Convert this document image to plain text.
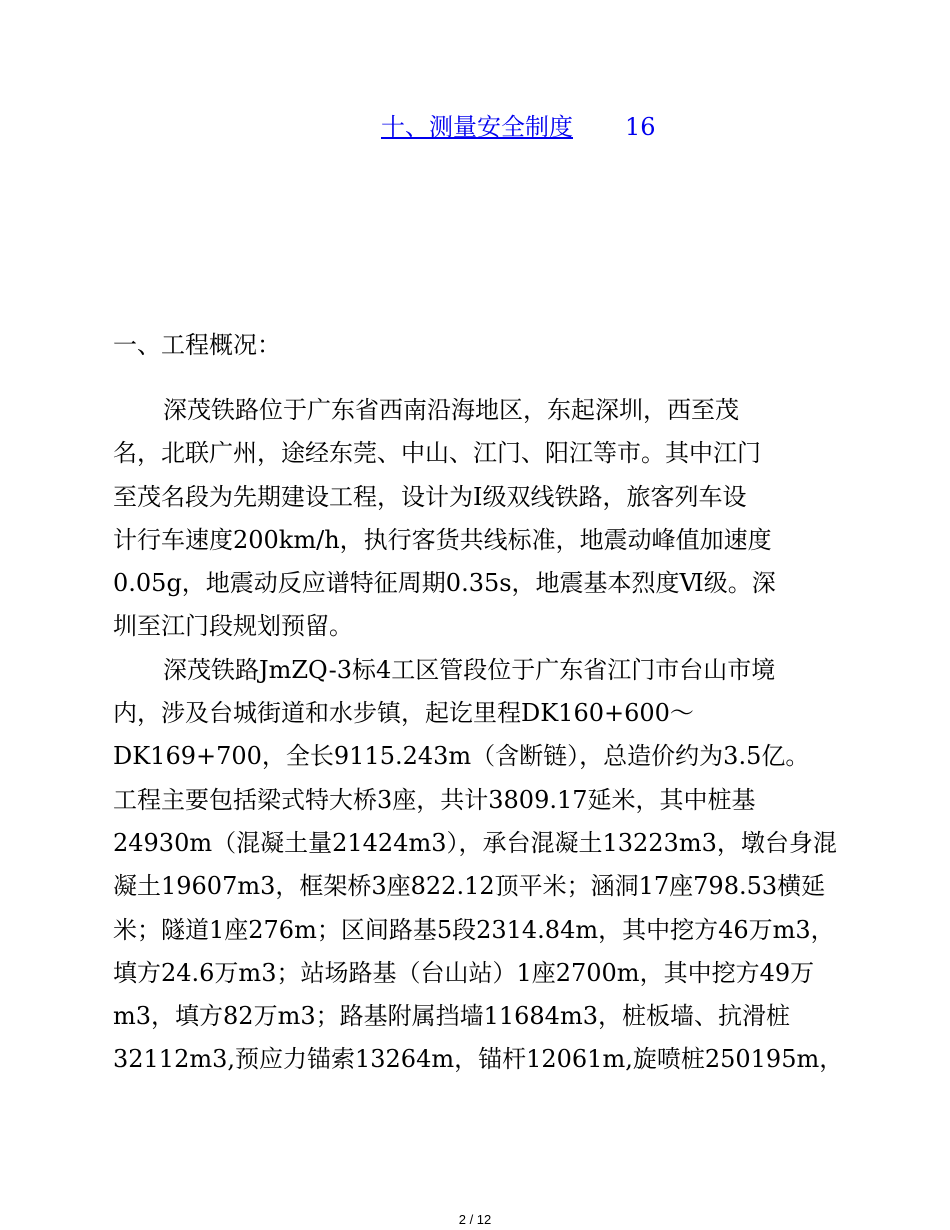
十、测量安全制度 16
一、工程概况：
深茂铁路位于广东省西南沿海地区，东起深圳，西至茂
名，北联广州，途经东莞、中山、江门、阳江等市。其中江门
至茂名段为先期建设工程，设计为Ⅰ级双线铁路，旅客列车设
计行车速度200km/h，执行客货共线标准，地震动峰值加速度
0.05g，地震动反应谱特征周期0.35s，地震基本烈度Ⅵ级。深
圳至江门段规划预留。
深茂铁路JmZQ-3标4工区管段位于广东省江门市台山市境
内，涉及台城街道和水步镇，起讫里程DK160+600～
DK169+700，全长9115.243m（含断链），总造价约为3.5亿。
工程主要包括梁式特大桥3座，共计3809.17延米，其中桩基
24930m（混凝土量21424m3），承台混凝土13223m3，墩台身混
凝土19607m3，框架桥3座822.12顶平米；涵洞17座798.53横延
米；隧道1座276m；区间路基5段2314.84m，其中挖方46万m3，
填方24.6万m3；站场路基（台山站）1座2700m，其中挖方49万
m3，填方82万m3；路基附属挡墙11684m3，桩板墙、抗滑桩
32112m3,预应力锚索13264m，锚杆12061m,旋喷桩250195m，
2 / 12
